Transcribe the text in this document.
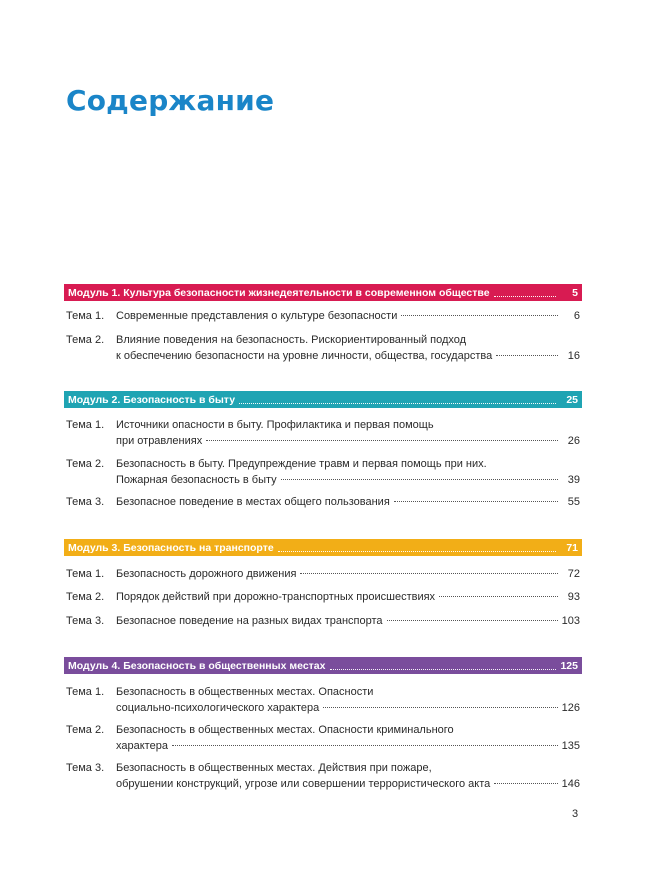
Содержание
Модуль 1. Культура безопасности жизнедеятельности в современном обществе	5
Тема 1. Современные представления о культуре безопасности	6
Тема 2. Влияние поведения на безопасность. Рискориентированный подход
к обеспечению безопасности на уровне личности, общества, государства	16
Модуль 2. Безопасность в быту	25
Тема 1. Источники опасности в быту. Профилактика и первая помощь
при отравлениях	26
Тема 2. Безопасность в быту. Предупреждение травм и первая помощь при них.
Пожарная безопасность в быту	39
Тема 3. Безопасное поведение в местах общего пользования	55
Модуль 3. Безопасность на транспорте	71
Тема 1. Безопасность дорожного движения	72
Тема 2. Порядок действий при дорожно-транспортных происшествиях	93
Тема 3. Безопасное поведение на разных видах транспорта	103
Модуль 4. Безопасность в общественных местах	125
Тема 1. Безопасность в общественных местах. Опасности
социально-психологического характера	126
Тема 2. Безопасность в общественных местах. Опасности криминального
характера	135
Тема 3. Безопасность в общественных местах. Действия при пожаре,
обрушении конструкций, угрозе или совершении террористического акта	146
3
